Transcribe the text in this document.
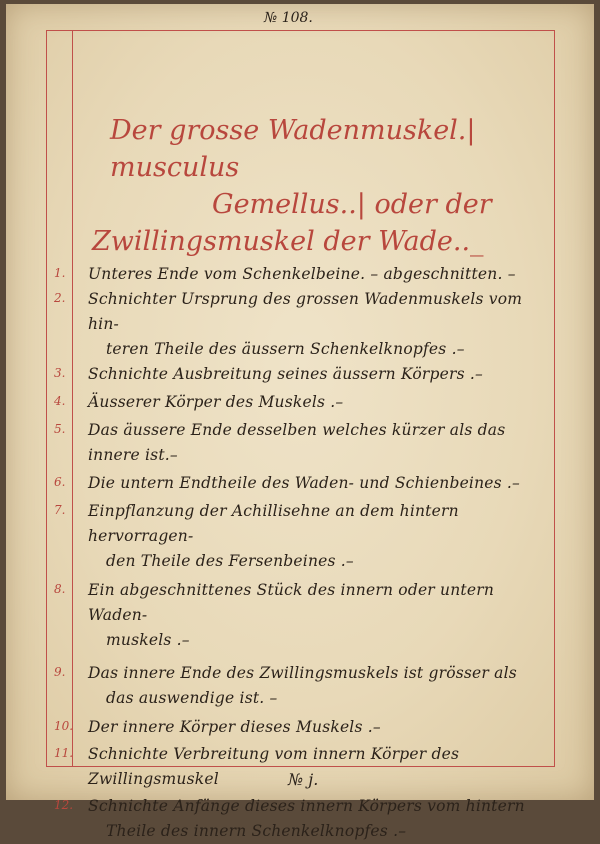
№ 108.
Der grosse Wadenmuskel.| musculus
Gemellus..| oder der
Zwillingsmuskel der Wade.._
1.	Unteres Ende vom Schenkelbeine. – abgeschnitten. –
2.	Schnichter Ursprung des grossen Wadenmuskels vom hin-

teren Theile des äussern Schenkelknopfes .–
3.	Schnichte Ausbreitung seines äussern Körpers .–
4.	Äusserer Körper des Muskels .–
5.	Das äussere Ende desselben welches kürzer als das innere ist.–
6.	Die untern Endtheile des Waden- und Schienbeines .–
7.	Einpflanzung der Achillisehne an dem hintern hervorragen-

den Theile des Fersenbeines .–
8.	Ein abgeschnittenes Stück des innern oder untern Waden-

muskels .–
9.	Das innere Ende des Zwillingsmuskels ist grösser als

das auswendige ist. –
10. Der innere Körper dieses Muskels .–
11. Schnichte Verbreitung vom innern Körper des Zwillingsmuskel
12. Schnichte Anfänge dieses innern Körpers vom hintern

Theile des innern Schenkelknopfes .–
№ j.
